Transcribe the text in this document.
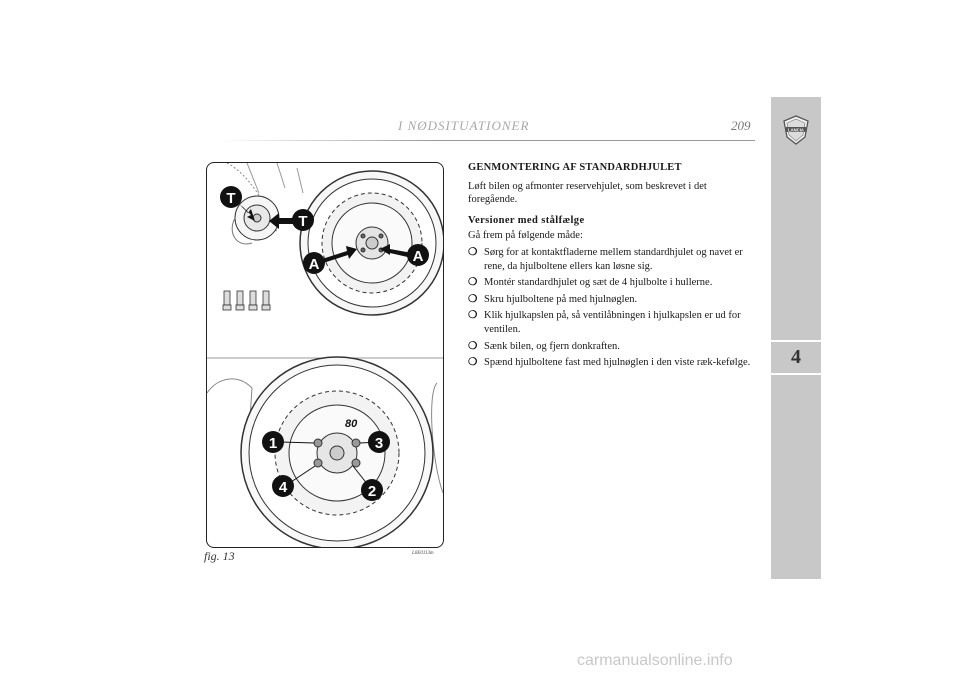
I NØDSITUATIONER	209	LANCIA
4
T
T
A	A
80
1
2
3
4
fig. 13	L0E0113m
GENMONTERING AF STANDARDHJULET

Løft bilen og afmonter reservehjulet, som beskrevet i det foregående.

Versioner med stålfælge

Gå frem på følgende måde:

❍ Sørg for at kontaktfladerne mellem standardhjulet og navet er rene, da hjulboltene ellers kan løsne sig.
❍ Montér standardhjulet og sæt de 4 hjulbolte i hullerne.
❍ Skru hjulboltene på med hjulnøglen.
❍ Klik hjulkapslen på, så ventilåbningen i hjulkapslen er ud for ventilen.
❍ Sænk bilen, og fjern donkraften.
❍ Spænd hjulboltene fast med hjulnøglen i den viste ræk-kefølge.
carmanualsonline.info
